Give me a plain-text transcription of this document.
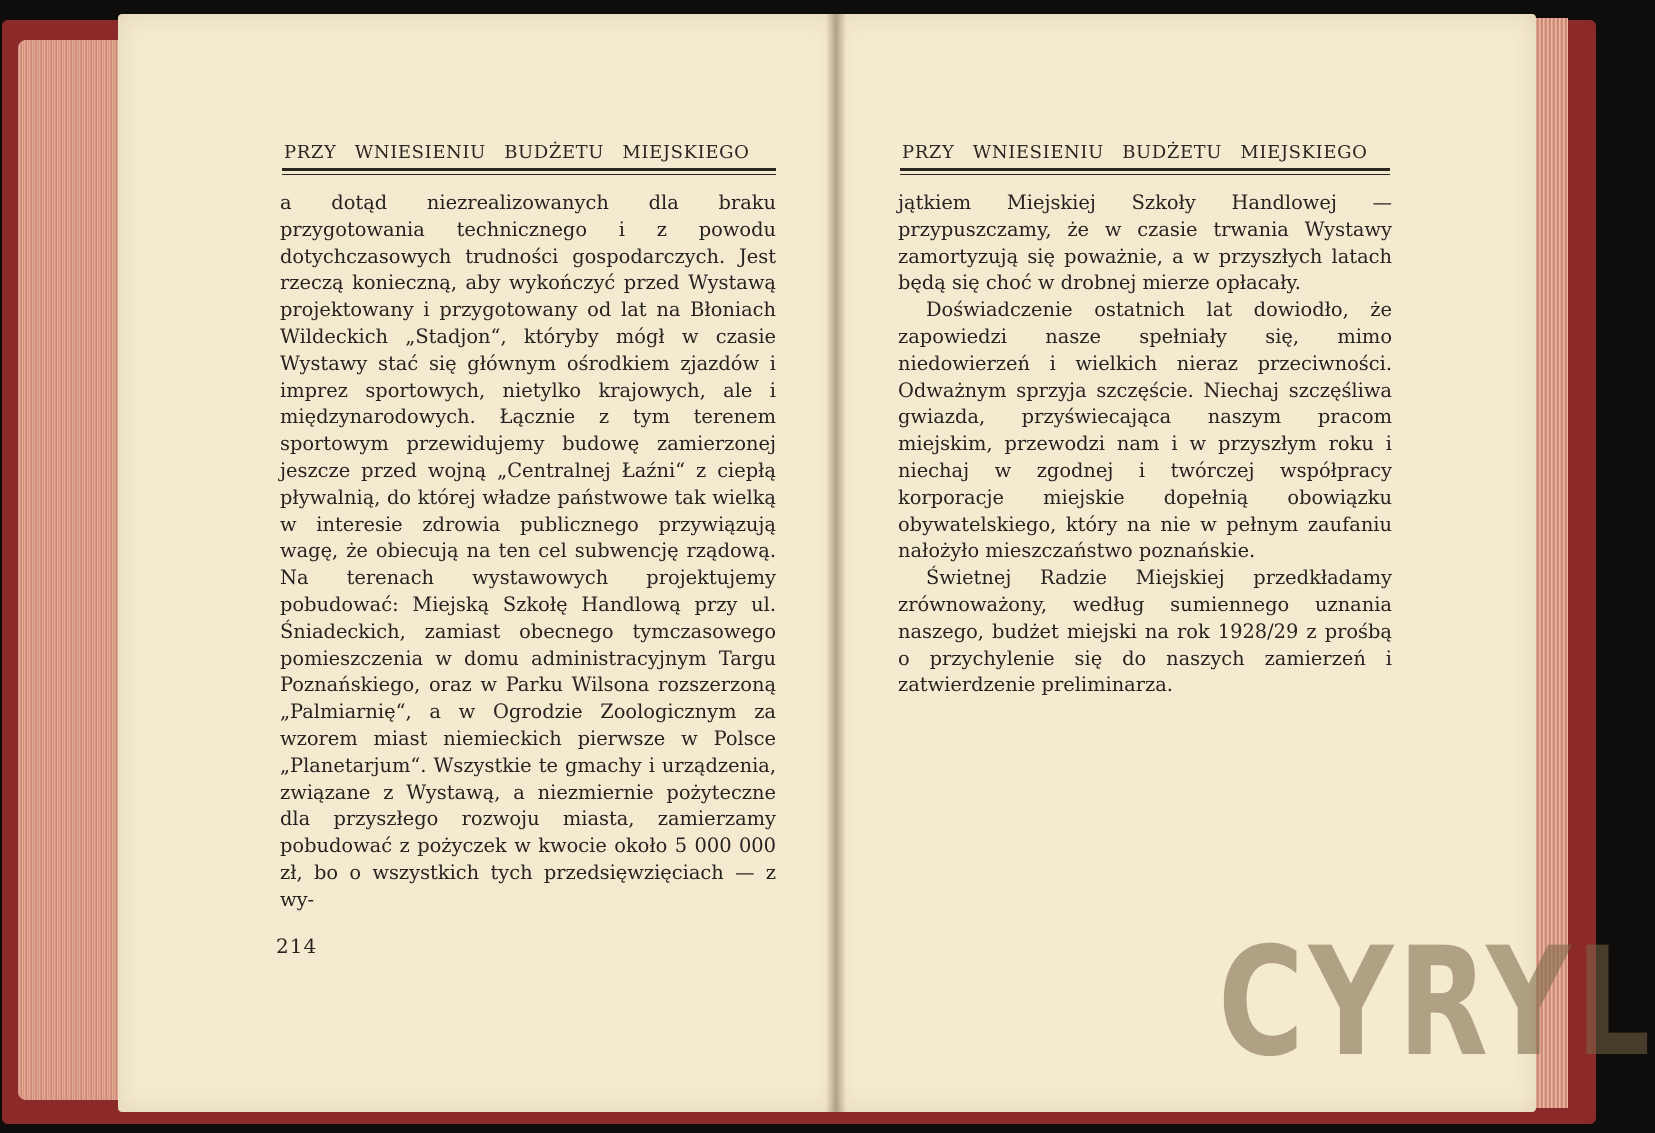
PRZY WNIESIENIU BUDŻETU MIEJSKIEGO

a dotąd niezrealizowanych dla braku przygotowania technicznego i z powodu dotychczasowych trudności gospodarczych. Jest rzeczą konieczną, aby wykończyć przed Wystawą projektowany i przygotowany od lat na Błoniach Wildeckich „Stadjon“, któryby mógł w czasie Wystawy stać się głównym ośrodkiem zjazdów i imprez sportowych, nietylko krajowych, ale i międzynarodowych. Łącznie z tym terenem sportowym przewidujemy budowę zamierzonej jeszcze przed wojną „Centralnej Łaźni“ z ciepłą pływalnią, do której władze państwowe tak wielką w interesie zdrowia publicznego przywiązują wagę, że obiecują na ten cel subwencję rządową. Na terenach wystawowych projektujemy pobudować: Miejską Szkołę Handlową przy ul. Śniadeckich, zamiast obecnego tymczasowego pomieszczenia w domu administracyjnym Targu Poznańskiego, oraz w Parku Wilsona rozszerzoną „Palmiarnię“, a w Ogrodzie Zoologicznym za wzorem miast niemieckich pierwsze w Polsce „Planetarjum“. Wszystkie te gmachy i urządzenia, związane z Wystawą, a niezmiernie pożyteczne dla przyszłego rozwoju miasta, zamierzamy pobudować z pożyczek w kwocie około 5 000 000 zł, bo o wszystkich tych przedsięwzięciach — z wy-

214
PRZY WNIESIENIU BUDŻETU MIEJSKIEGO

jątkiem Miejskiej Szkoły Handlowej — przypuszczamy, że w czasie trwania Wystawy zamortyzują się poważnie, a w przyszłych latach będą się choć w drobnej mierze opłacały.

Doświadczenie ostatnich lat dowiodło, że zapowiedzi nasze spełniały się, mimo niedowierzeń i wielkich nieraz przeciwności. Odważnym sprzyja szczęście. Niechaj szczęśliwa gwiazda, przyświecająca naszym pracom miejskim, przewodzi nam i w przyszłym roku i niechaj w zgodnej i twórczej współpracy korporacje miejskie dopełnią obowiązku obywatelskiego, który na nie w pełnym zaufaniu nałożyło mieszczaństwo poznańskie.

Świetnej Radzie Miejskiej przedkładamy zrównoważony, według sumiennego uznania naszego, budżet miejski na rok 1928/29 z prośbą o przychylenie się do naszych zamierzeń i zatwierdzenie preliminarza.

CYRYL
